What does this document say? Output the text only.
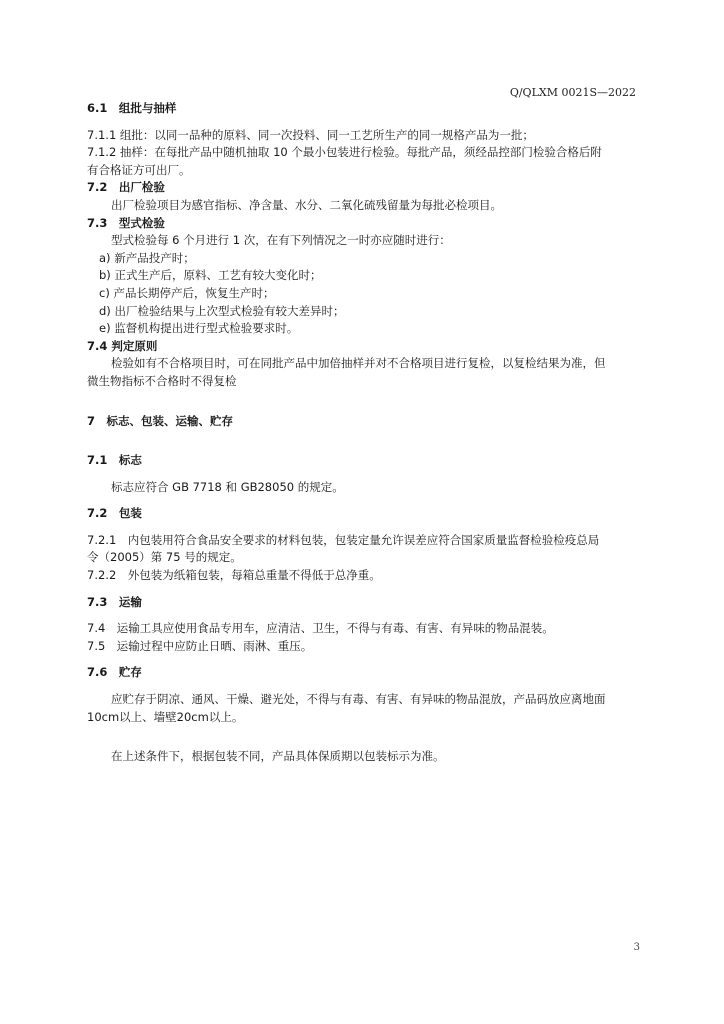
Q/QLXM 0021S—2022

6.1　组批与抽样

7.1.1 组批：以同一品种的原料、同一次投料、同一工艺所生产的同一规格产品为一批；

7.1.2 抽样：在每批产品中随机抽取 10 个最小包装进行检验。每批产品，须经品控部门检验合格后附

有合格证方可出厂。

7.2　出厂检验

出厂检验项目为感官指标、净含量、水分、二氧化硫残留量为每批必检项目。

7.3　型式检验

型式检验每 6 个月进行 1 次，在有下列情况之一时亦应随时进行：

a) 新产品投产时；

b) 正式生产后，原料、工艺有较大变化时；

c) 产品长期停产后，恢复生产时；

d) 出厂检验结果与上次型式检验有较大差异时；

e) 监督机构提出进行型式检验要求时。

7.4 判定原则

检验如有不合格项目时，可在同批产品中加倍抽样并对不合格项目进行复检，以复检结果为准，但

微生物指标不合格时不得复检

7　标志、包装、运输、贮存

7.1　标志

标志应符合 GB 7718 和 GB28050 的规定。

7.2　包装

7.2.1　内包装用符合食品安全要求的材料包装，包装定量允许误差应符合国家质量监督检验检疫总局

令（2005）第 75 号的规定。

7.2.2　外包装为纸箱包装，每箱总重量不得低于总净重。

7.3　运输

7.4　运输工具应使用食品专用车，应清洁、卫生，不得与有毒、有害、有异味的物品混装。

7.5　运输过程中应防止日晒、雨淋、重压。

7.6　贮存

应贮存于阴凉、通风、干燥、避光处，不得与有毒、有害、有异味的物品混放，产品码放应离地面

10cm以上、墙壁20cm以上。

在上述条件下，根据包装不同，产品具体保质期以包装标示为准。

3
